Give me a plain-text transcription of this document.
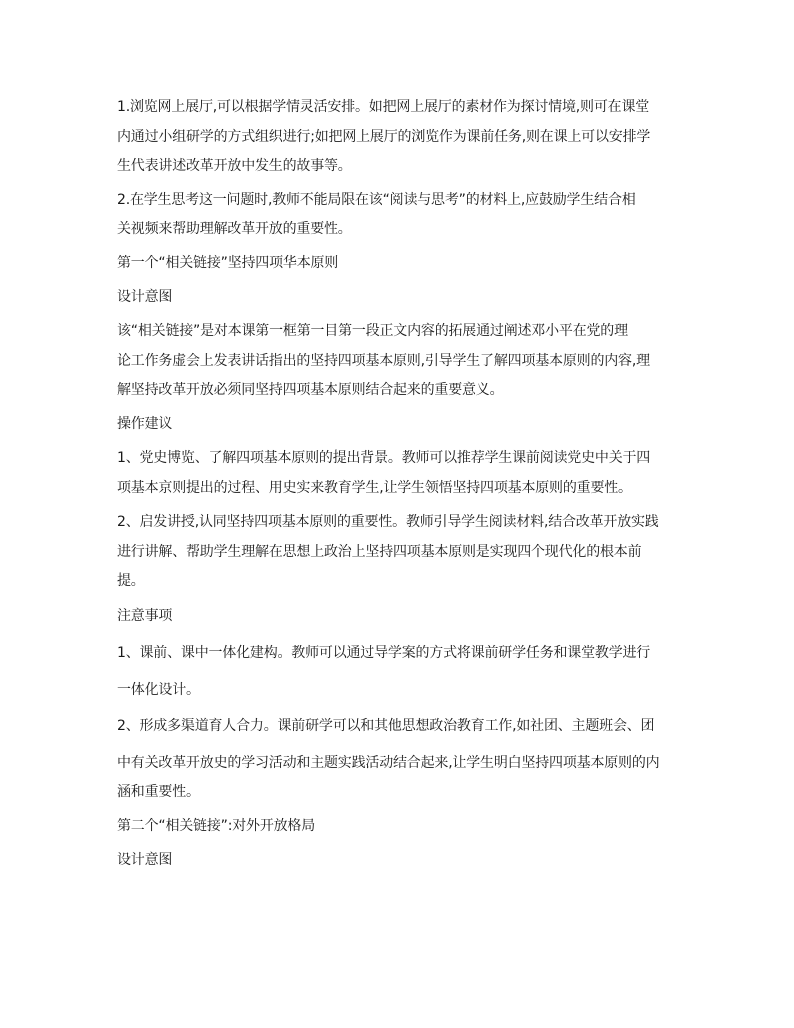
1.浏览网上展厅,可以根据学情灵活安排。如把网上展厅的素材作为探讨情境,则可在课堂
内通过小组研学的方式组织进行;如把网上展厅的浏览作为课前任务,则在课上可以安排学
生代表讲述改革开放中发生的故事等。
2.在学生思考这一问题时,教师不能局限在该“阅读与思考”的材料上,应鼓励学生结合相
关视频来帮助理解改革开放的重要性。
第一个“相关链接”坚持四项华本原则
设计意图
该“相关链接”是对本课第一框第一目第一段正文内容的拓展通过阐述邓小平在党的理
论工作务虚会上发表讲话指出的坚持四项基本原则,引导学生了解四项基本原则的内容,理
解坚持改革开放必须同坚持四项基本原则结合起来的重要意义。
操作建议
1、党史博览、了解四项基本原则的提出背景。教师可以推荐学生课前阅读党史中关于四
项基本京则提出的过程、用史实来教育学生,让学生领悟坚持四项基本原则的重要性。
2、启发讲授,认同坚持四项基本原则的重要性。教师引导学生阅读材料,结合改革开放实践
进行讲解、帮助学生理解在思想上政治上坚持四项基本原则是实现四个现代化的根本前
提。
注意事项
1、课前、课中一体化建构。教师可以通过导学案的方式将课前研学任务和课堂教学进行
一体化设计。
2、形成多渠道育人合力。课前研学可以和其他思想政治教育工作,如社团、主题班会、团
中有关改革开放史的学习活动和主题实践活动结合起来,让学生明白坚持四项基本原则的内
涵和重要性。
第二个“相关链接”:对外开放格局
设计意图
